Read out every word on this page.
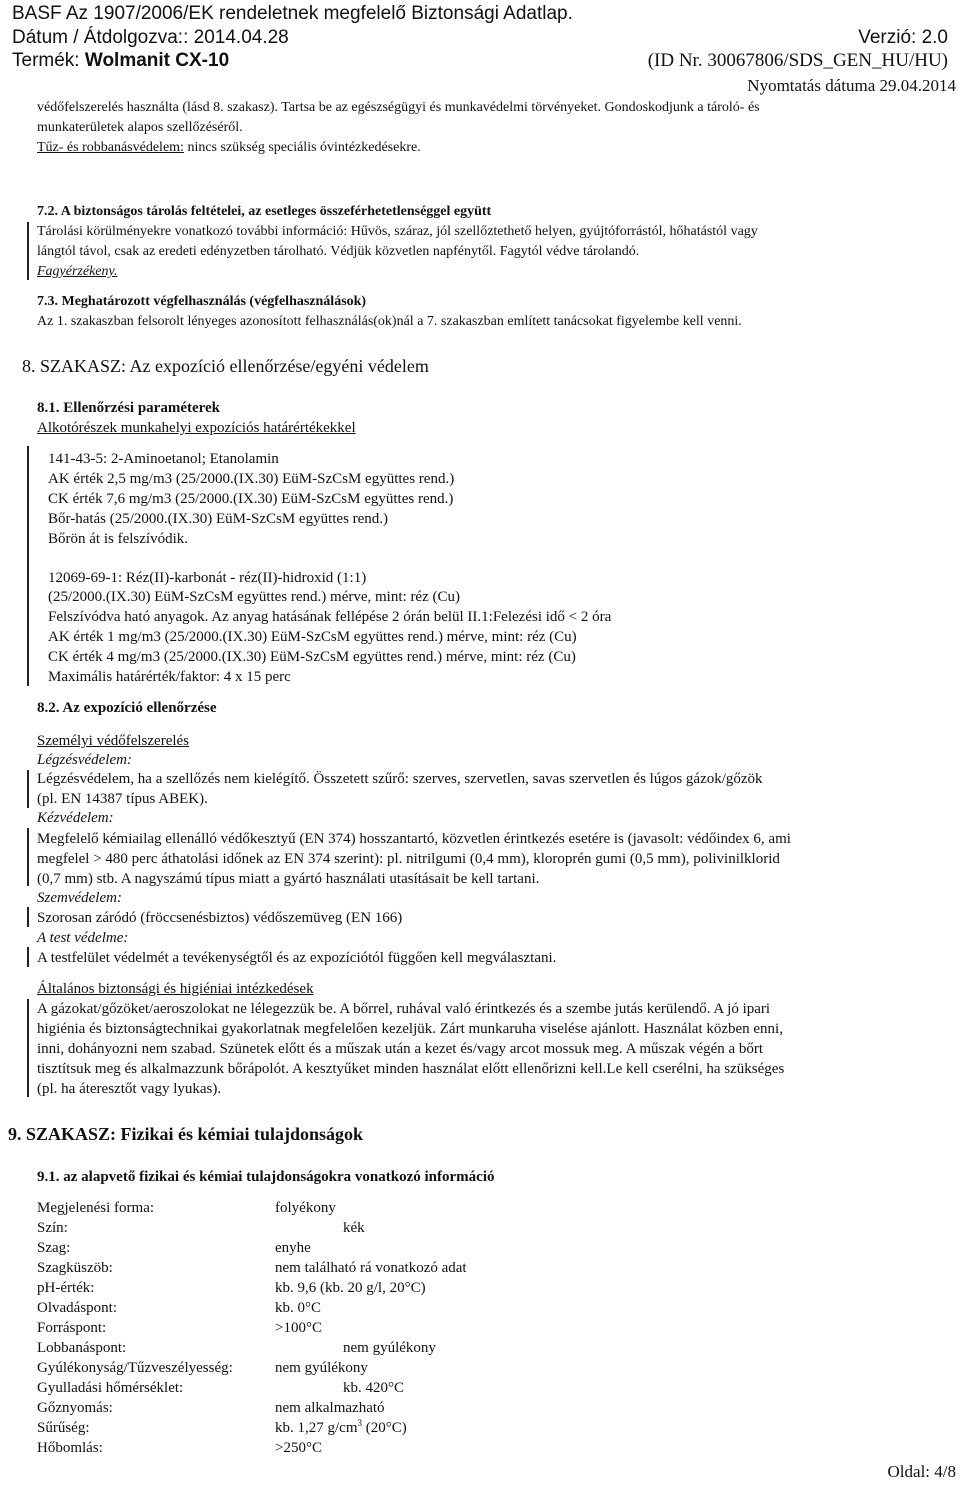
BASF Az 1907/2006/EK rendeletnek megfelelő Biztonsági Adatlap.
Dátum / Átdolgozva:: 2014.04.28	Verzió: 2.0
Termék: Wolmanit CX-10	(ID Nr. 30067806/SDS_GEN_HU/HU)
Nyomtatás dátuma 29.04.2014
védőfelszerelés használta (lásd 8. szakasz). Tartsa be az egészségügyi és munkavédelmi törvényeket. Gondoskodjunk a tároló- és
munkaterületek alapos szellőzéséről.
Tűz- és robbanásvédelem: nincs szükség speciális óvintézkedésekre.
7.2. A biztonságos tárolás feltételei, az esetleges összeférhetetlenséggel együtt
Tárolási körülményekre vonatkozó további információ: Hűvös, száraz, jól szellőztethető helyen, gyújtóforrástól, hőhatástól vagy
lángtól távol, csak az eredeti edényzetben tárolható. Védjük közvetlen napfénytől. Fagytól védve tárolandó.
Fagyérzékeny.
7.3. Meghatározott végfelhasználás (végfelhasználások)
Az 1. szakaszban felsorolt lényeges azonosított felhasználás(ok)nál a 7. szakaszban említett tanácsokat figyelembe kell venni.
8. SZAKASZ: Az expozíció ellenőrzése/egyéni védelem
8.1. Ellenőrzési paraméterek
Alkotórészek munkahelyi expozíciós határértékekkel
141-43-5: 2-Aminoetanol; Etanolamin
AK érték 2,5 mg/m3 (25/2000.(IX.30) EüM-SzCsM együttes rend.)
CK érték 7,6 mg/m3 (25/2000.(IX.30) EüM-SzCsM együttes rend.)
Bőr-hatás (25/2000.(IX.30) EüM-SzCsM együttes rend.)
Bőrön át is felszívódik.
12069-69-1: Réz(II)-karbonát - réz(II)-hidroxid (1:1)
(25/2000.(IX.30) EüM-SzCsM együttes rend.) mérve, mint: réz (Cu)
Felszívódva ható anyagok. Az anyag hatásának fellépése 2 órán belül II.1:Felezési idő < 2 óra
AK érték 1 mg/m3 (25/2000.(IX.30) EüM-SzCsM együttes rend.) mérve, mint: réz (Cu)
CK érték 4 mg/m3 (25/2000.(IX.30) EüM-SzCsM együttes rend.) mérve, mint: réz (Cu)
Maximális határérték/faktor: 4 x 15 perc
8.2. Az expozíció ellenőrzése
Személyi védőfelszerelés
Légzésvédelem:
Légzésvédelem, ha a szellőzés nem kielégítő. Összetett szűrő: szerves, szervetlen, savas szervetlen és lúgos gázok/gőzök
(pl. EN 14387 típus ABEK).
Kézvédelem:
Megfelelő kémiailag ellenálló védőkesztyű (EN 374) hosszantartó, közvetlen érintkezés esetére is (javasolt: védőindex 6, ami
megfelel > 480 perc áthatolási időnek az EN 374 szerint): pl. nitrilgumi (0,4 mm), kloroprén gumi (0,5 mm), polivinilklorid
(0,7 mm) stb. A nagyszámú típus miatt a gyártó használati utasításait be kell tartani.
Szemvédelem:
Szorosan záródó (fröccsenésbiztos) védőszemüveg (EN 166)
A test védelme:
A testfelület védelmét a tevékenységtől és az expozíciótól függően kell megválasztani.
Általános biztonsági és higiéniai intézkedések
A gázokat/gőzöket/aeroszolokat ne lélegezzük be. A bőrrel, ruhával való érintkezés és a szembe jutás kerülendő. A jó ipari
higiénia és biztonságtechnikai gyakorlatnak megfelelően kezeljük. Zárt munkaruha viselése ajánlott. Használat közben enni,
inni, dohányozni nem szabad. Szünetek előtt és a műszak után a kezet és/vagy arcot mossuk meg. A műszak végén a bőrt
tisztítsuk meg és alkalmazzunk bőrápolót. A kesztyűket minden használat előtt ellenőrizni kell.Le kell cserélni, ha szükséges
(pl. ha áteresztőt vagy lyukas).
9. SZAKASZ: Fizikai és kémiai tulajdonságok
9.1. az alapvető fizikai és kémiai tulajdonságokra vonatkozó információ
Megjelenési forma:	folyékony
Szín:	kék
Szag:	enyhe
Szagküszöb:	nem található rá vonatkozó adat
pH-érték:	kb. 9,6 (kb. 20 g/l, 20°C)
Olvadáspont:	kb. 0°C
Forráspont:	>100°C
Lobbanáspont:	nem gyúlékony
Gyúlékonyság/Tűzveszélyesség:	nem gyúlékony
Gyulladási hőmérséklet:	kb. 420°C
Gőznyomás:	nem alkalmazható
Sűrűség:	kb. 1,27 $g/cm^3$ (20°C)
Hőbomlás:	>250°C
Oldal: 4/8
